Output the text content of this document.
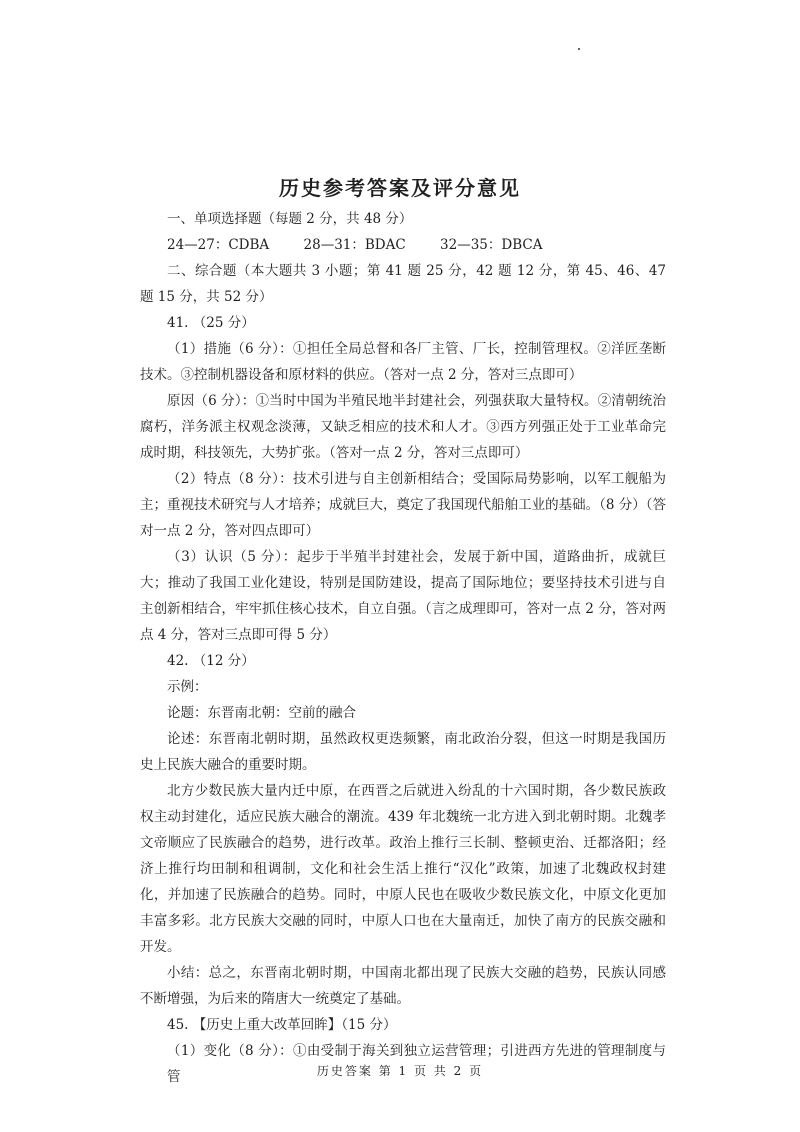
历史参考答案及评分意见

一、单项选择题（每题 2 分，共 48 分）

24—27：CDBA        28—31：BDAC        32—35：DBCA

二、综合题（本大题共 3 小题；第 41 题 25 分，42 题 12 分，第 45、46、47 题 15 分，共 52 分）

41. （25 分）

（1）措施（6 分）：①担任全局总督和各厂主管、厂长，控制管理权。②洋匠垄断技术。③控制机器设备和原材料的供应。（答对一点 2 分，答对三点即可）

原因（6 分）：①当时中国为半殖民地半封建社会，列强获取大量特权。②清朝统治腐朽，洋务派主权观念淡薄，又缺乏相应的技术和人才。③西方列强正处于工业革命完成时期，科技领先，大势扩张。（答对一点 2 分，答对三点即可）

（2）特点（8 分）：技术引进与自主创新相结合；受国际局势影响，以军工舰船为主；重视技术研究与人才培养；成就巨大，奠定了我国现代船舶工业的基础。（8 分）（答对一点 2 分，答对四点即可）

（3）认识（5 分）：起步于半殖半封建社会，发展于新中国，道路曲折，成就巨大；推动了我国工业化建设，特别是国防建设，提高了国际地位；要坚持技术引进与自主创新相结合，牢牢抓住核心技术，自立自强。（言之成理即可，答对一点 2 分，答对两点 4 分，答对三点即可得 5 分）

42. （12 分）

示例：

论题：东晋南北朝：空前的融合

论述：东晋南北朝时期，虽然政权更迭频繁，南北政治分裂，但这一时期是我国历史上民族大融合的重要时期。

北方少数民族大量内迁中原，在西晋之后就进入纷乱的十六国时期，各少数民族政权主动封建化，适应民族大融合的潮流。439 年北魏统一北方进入到北朝时期。北魏孝文帝顺应了民族融合的趋势，进行改革。政治上推行三长制、整顿吏治、迁都洛阳；经济上推行均田制和租调制，文化和社会生活上推行“汉化”政策，加速了北魏政权封建化，并加速了民族融合的趋势。同时，中原人民也在吸收少数民族文化，中原文化更加丰富多彩。北方民族大交融的同时，中原人口也在大量南迁，加快了南方的民族交融和开发。

小结：总之，东晋南北朝时期，中国南北都出现了民族大交融的趋势，民族认同感不断增强，为后来的隋唐大一统奠定了基础。

45. 【历史上重大改革回眸】（15 分）

（1）变化（8 分）：①由受制于海关到独立运营管理；引进西方先进的管理制度与管	历史答案 第 1 页 共 2 页
